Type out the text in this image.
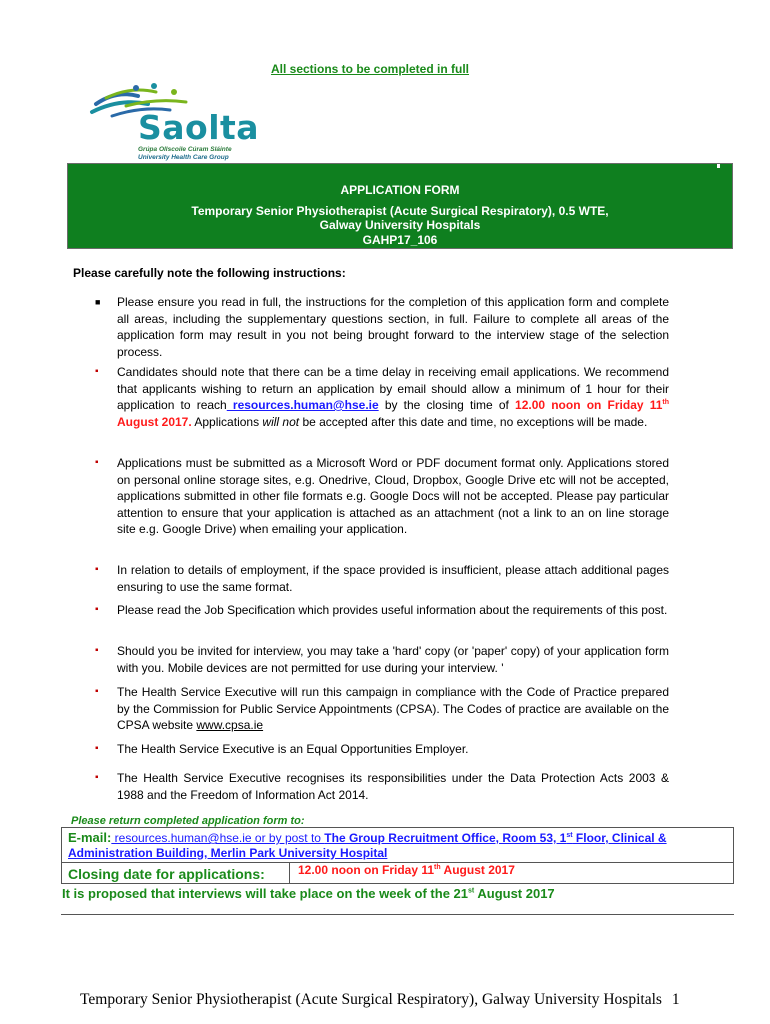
All sections to be completed in full
Saolta
Grúpa Ollscoile Cúram Sláinte
University Health Care Group
APPLICATION FORM
Temporary Senior Physiotherapist (Acute Surgical Respiratory), 0.5 WTE,
Galway University Hospitals
GAHP17_106
Please carefully note the following instructions:
■ Please ensure you read in full, the instructions for the completion of this application form and complete all areas, including the supplementary questions section, in full. Failure to complete all areas of the application form may result in you not being brought forward to the interview stage of the selection process.
▪ Candidates should note that there can be a time delay in receiving email applications. We recommend that applicants wishing to return an application by email should allow a minimum of 1 hour for their application to reach resources.human@hse.ie by the closing time of 12.00 noon on Friday 11th August 2017. Applications will not be accepted after this date and time, no exceptions will be made.
▪ Applications must be submitted as a Microsoft Word or PDF document format only. Applications stored on personal online storage sites, e.g. Onedrive, Cloud, Dropbox, Google Drive etc will not be accepted, applications submitted in other file formats e.g. Google Docs will not be accepted. Please pay particular attention to ensure that your application is attached as an attachment (not a link to an on line storage site e.g. Google Drive) when emailing your application.
▪ In relation to details of employment, if the space provided is insufficient, please attach additional pages ensuring to use the same format.
▪ Please read the Job Specification which provides useful information about the requirements of this post.
▪ Should you be invited for interview, you may take a 'hard' copy (or 'paper' copy) of your application form with you. Mobile devices are not permitted for use during your interview. '
▪ The Health Service Executive will run this campaign in compliance with the Code of Practice prepared by the Commission for Public Service Appointments (CPSA). The Codes of practice are available on the CPSA website www.cpsa.ie
▪ The Health Service Executive is an Equal Opportunities Employer.
▪ The Health Service Executive recognises its responsibilities under the Data Protection Acts 2003 & 1988 and the Freedom of Information Act 2014.
Please return completed application form to:
E-mail: resources.human@hse.ie or by post to The Group Recruitment Office, Room 53, 1st Floor, Clinical & Administration Building, Merlin Park University Hospital
Closing date for applications:	12.00 noon on Friday 11th August 2017
It is proposed that interviews will take place on the week of the 21st August 2017
Temporary Senior Physiotherapist (Acute Surgical Respiratory), Galway University Hospitals 1
